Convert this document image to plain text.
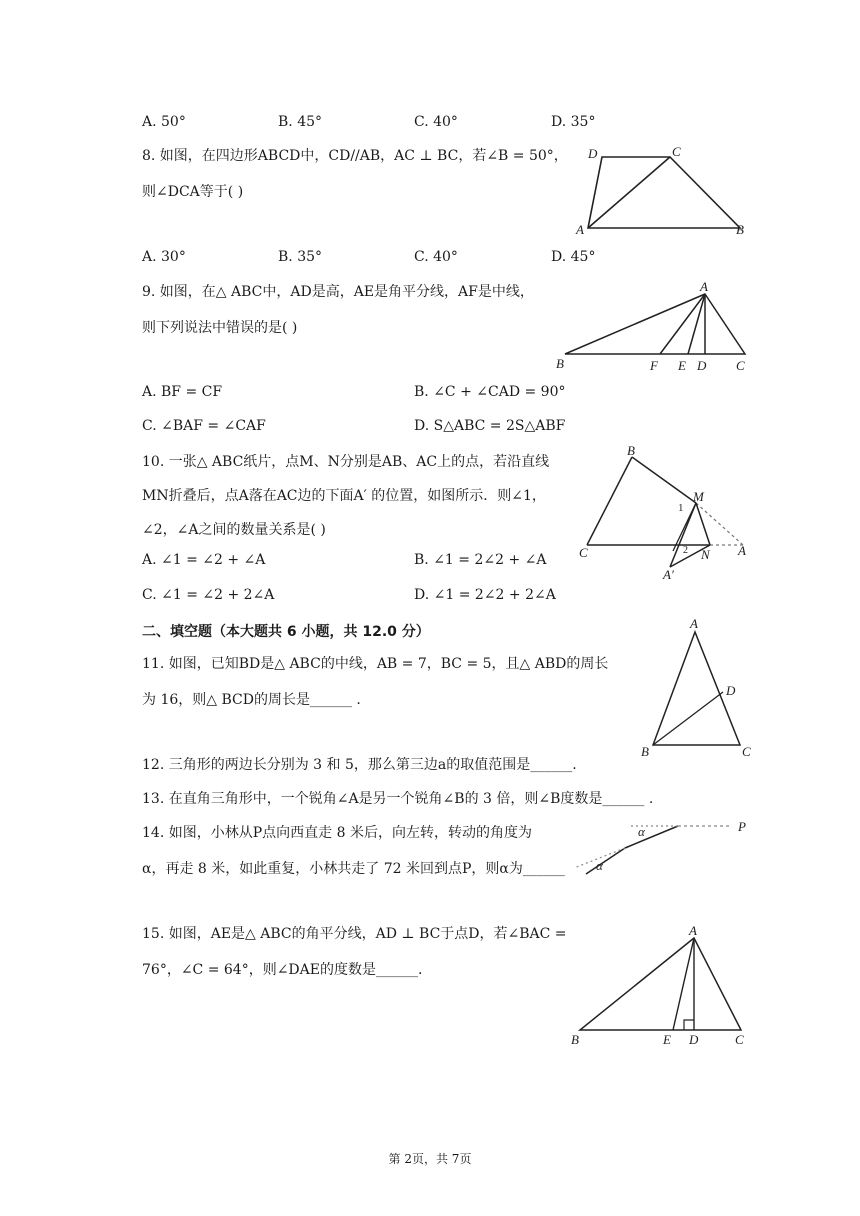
A. 50°	B. 45°	C. 40°	D. 35°
8. 如图，在四边形ABCD中，CD//AB，AC ⊥ BC，若∠B = 50°，
则∠DCA等于( )
D	C
A	B
A. 30°	B. 35°	C. 40°	D. 45°
9. 如图，在△ ABC中，AD是高，AE是角平分线，AF是中线，
则下列说法中错误的是( )
A
B	F E D C
A. BF = CF	B. ∠C + ∠CAD = 90°
C. ∠BAF = ∠CAF	D. S△ABC = 2S△ABF
10. 一张△ ABC纸片，点M、N分别是AB、AC上的点，若沿直线
MN折叠后，点A落在AC边的下面A′ 的位置，如图所示．则∠1，
∠2，∠A之间的数量关系是( )
B
M
1
C	2 N A
A′
A. ∠1 = ∠2 + ∠A	B. ∠1 = 2∠2 + ∠A
C. ∠1 = ∠2 + 2∠A	D. ∠1 = 2∠2 + 2∠A
二、填空题（本大题共 6 小题，共 12.0 分）
11. 如图，已知BD是△ ABC的中线，AB = 7，BC = 5，且△ ABD的周长
为 16，则△ BCD的周长是______ .
A
D
B	C
12. 三角形的两边长分别为 3 和 5，那么第三边a的取值范围是______.
13. 在直角三角形中，一个锐角∠A是另一个锐角∠B的 3 倍，则∠B度数是______ .
14. 如图，小林从P点向西直走 8 米后，向左转，转动的角度为
α，再走 8 米，如此重复，小林共走了 72 米回到点P，则α为______
α
α
P
15. 如图，AE是△ ABC的角平分线，AD ⊥ BC于点D，若∠BAC =
76°，∠C = 64°，则∠DAE的度数是______.
A
B	E D	C
第 2页，共 7页
